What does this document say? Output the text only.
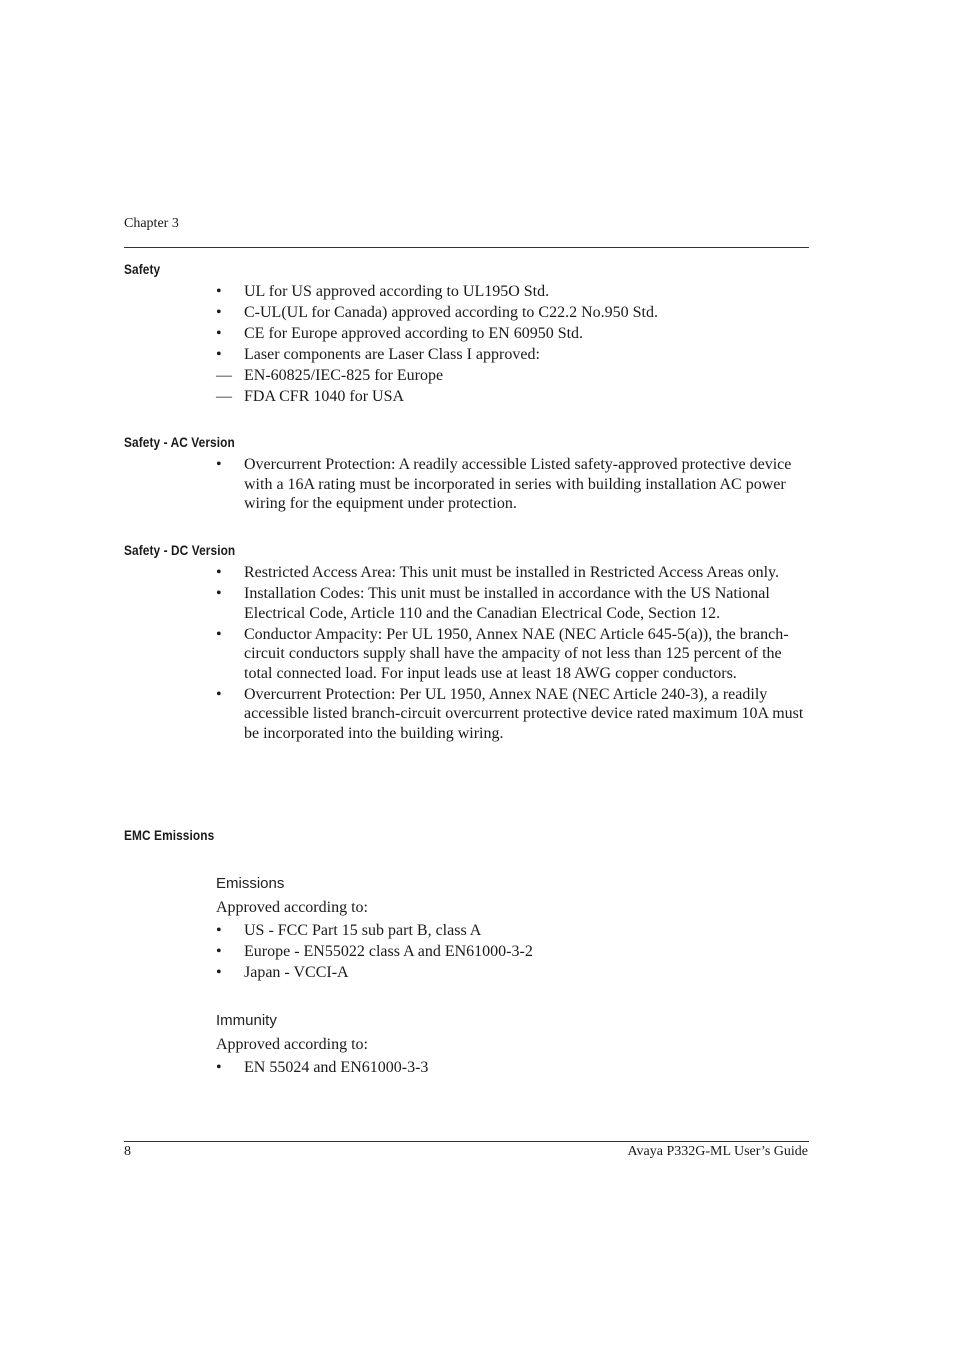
Chapter 3
Safety
• UL for US approved according to UL195O Std.
• C-UL(UL for Canada) approved according to C22.2 No.950 Std.
• CE for Europe approved according to EN 60950 Std.
• Laser components are Laser Class I approved:
— EN-60825/IEC-825 for Europe
— FDA CFR 1040 for USA
Safety - AC Version
• Overcurrent Protection: A readily accessible Listed safety-approved protective device with a 16A rating must be incorporated in series with building installation AC power wiring for the equipment under protection.
Safety - DC Version
• Restricted Access Area: This unit must be installed in Restricted Access Areas only.
• Installation Codes: This unit must be installed in accordance with the US National Electrical Code, Article 110 and the Canadian Electrical Code, Section 12.
• Conductor Ampacity: Per UL 1950, Annex NAE (NEC Article 645-5(a)), the branch-circuit conductors supply shall have the ampacity of not less than 125 percent of the total connected load. For input leads use at least 18 AWG copper conductors.
• Overcurrent Protection: Per UL 1950, Annex NAE (NEC Article 240-3), a readily accessible listed branch-circuit overcurrent protective device rated maximum 10A must be incorporated into the building wiring.
EMC Emissions
Emissions
Approved according to:
• US - FCC Part 15 sub part B, class A
• Europe - EN55022 class A and EN61000-3-2
• Japan - VCCI-A
Immunity
Approved according to:
• EN 55024 and EN61000-3-3
8	Avaya P332G-ML User’s Guide
